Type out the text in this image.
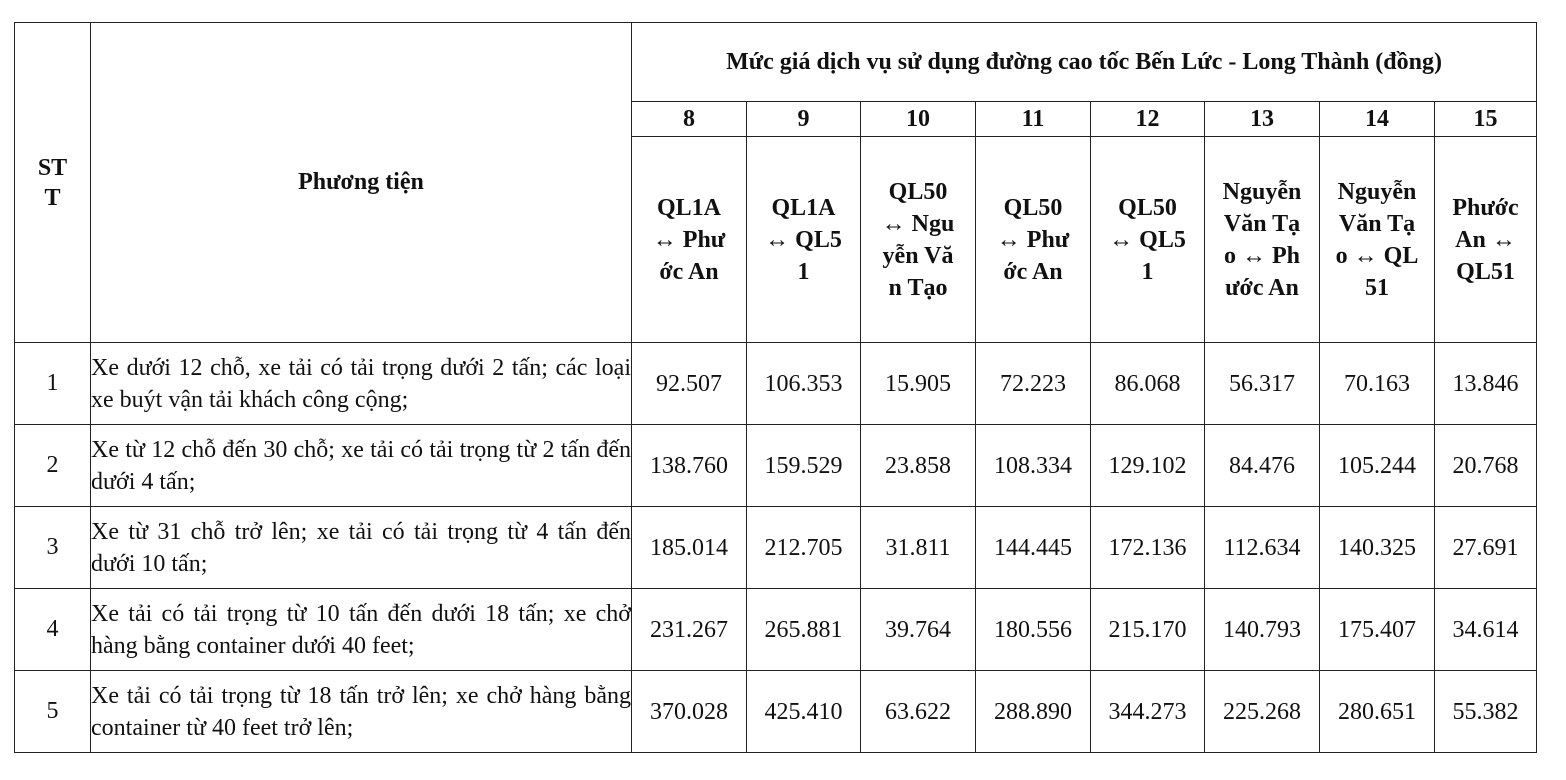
STT	Phương tiện	Mức giá dịch vụ sử dụng đường cao tốc Bến Lức - Long Thành (đồng)							
		8	9	10	11	12	13	14	15

		QL1A ↔ Phước An	QL1A ↔ QL51	QL50 ↔ Nguyễn Văn Tạo	QL50 ↔ Phước An	QL50 ↔ QL51	Nguyễn Văn Tạo ↔ Phước An	Nguyễn Văn Tạo ↔ QL51	Phước An ↔ QL51

1	Xe dưới 12 chỗ, xe tải có tải trọng dưới 2 tấn; các loại xe buýt vận tải khách công cộng;	92.507	106.353	15.905	72.223	86.068	56.317	70.163	13.846
2	Xe từ 12 chỗ đến 30 chỗ; xe tải có tải trọng từ 2 tấn đến dưới 4 tấn;	138.760	159.529	23.858	108.334	129.102	84.476	105.244	20.768
3	Xe từ 31 chỗ trở lên; xe tải có tải trọng từ 4 tấn đến dưới 10 tấn;	185.014	212.705	31.811	144.445	172.136	112.634	140.325	27.691
4	Xe tải có tải trọng từ 10 tấn đến dưới 18 tấn; xe chở hàng bằng container dưới 40 feet;	231.267	265.881	39.764	180.556	215.170	140.793	175.407	34.614
5	Xe tải có tải trọng từ 18 tấn trở lên; xe chở hàng bằng container từ 40 feet trở lên;	370.028	425.410	63.622	288.890	344.273	225.268	280.651	55.382
